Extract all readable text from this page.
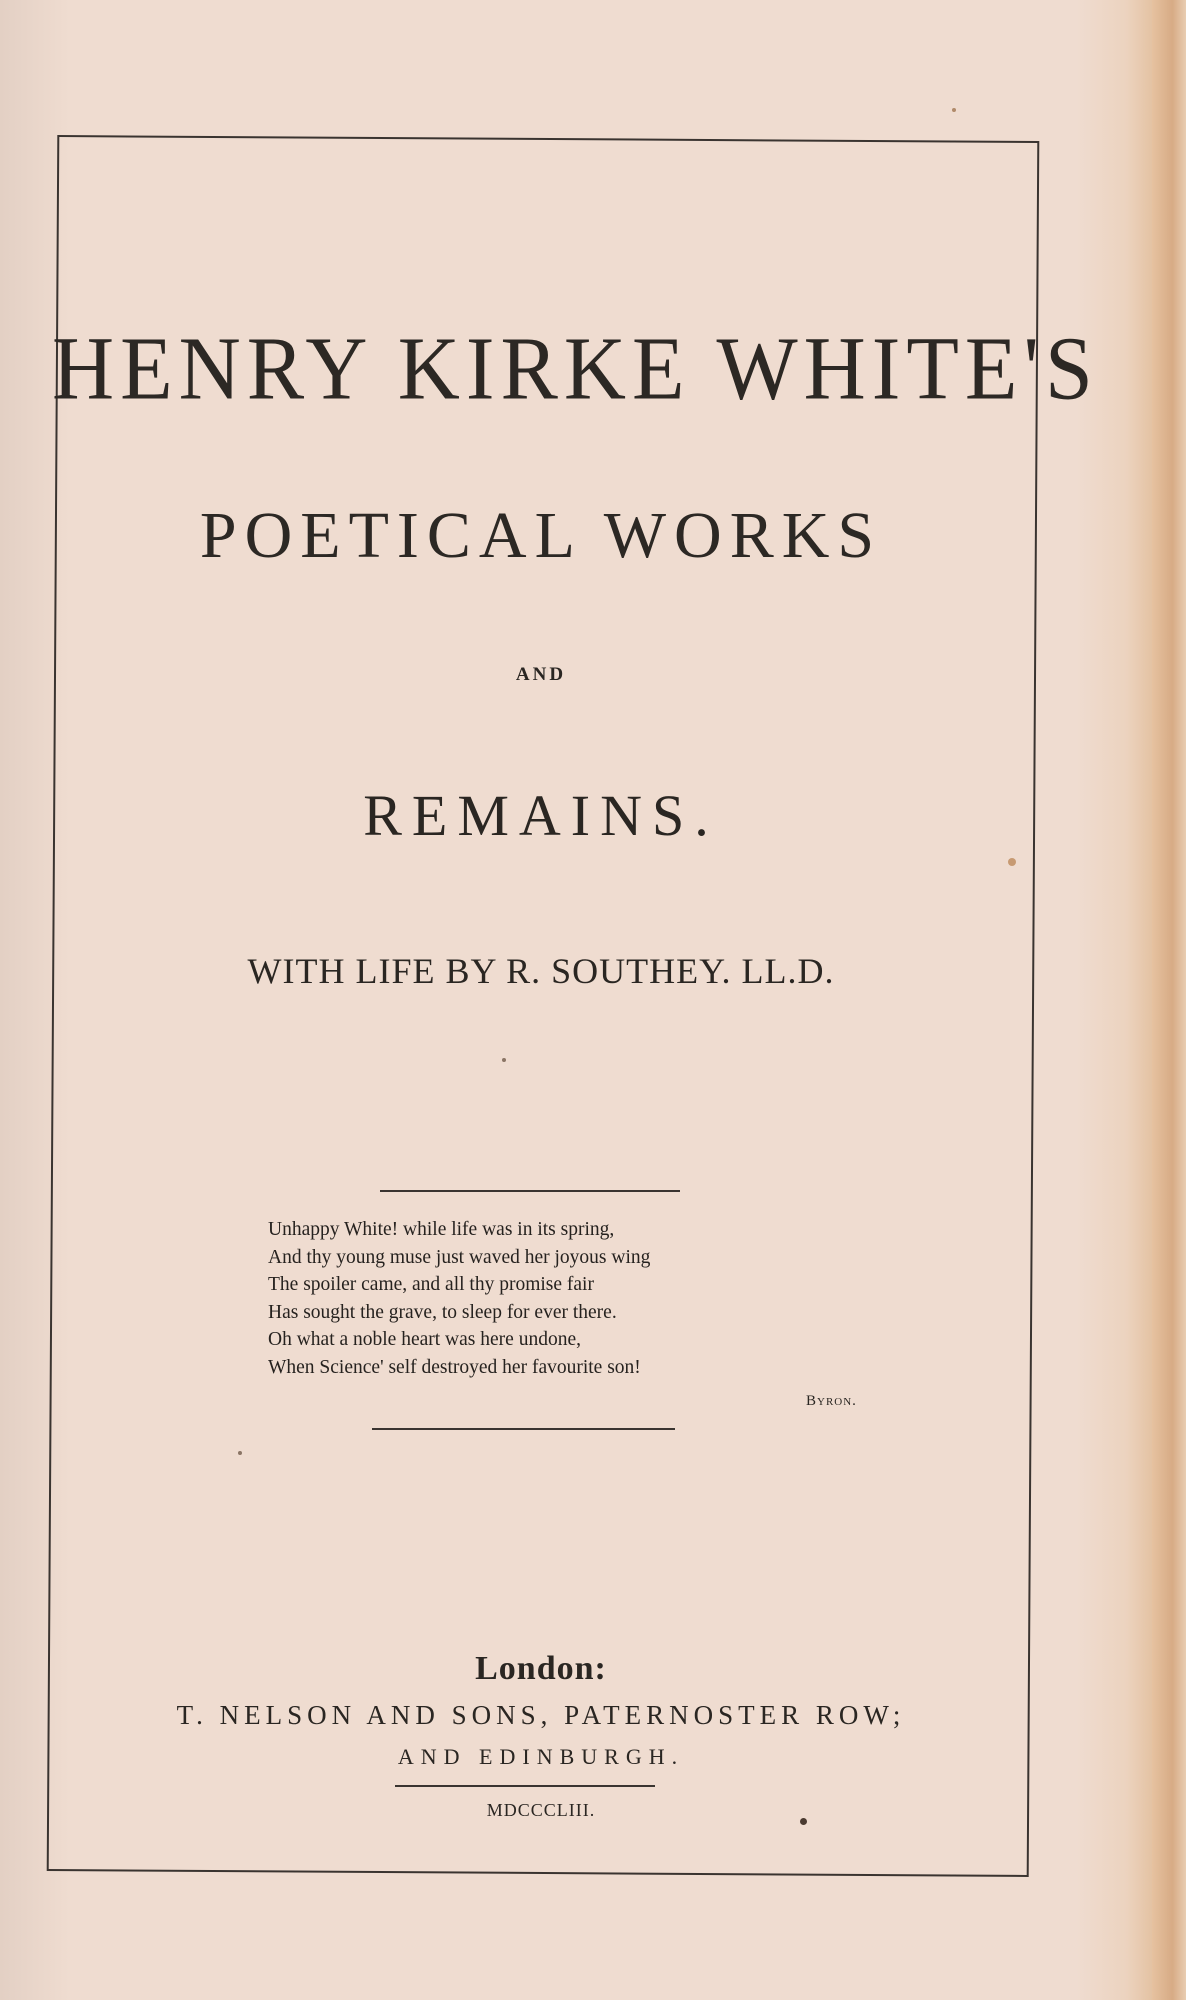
HENRY KIRKE WHITE'S
POETICAL WORKS
AND
REMAINS.
WITH LIFE BY R. SOUTHEY. LL.D.
Unhappy White! while life was in its spring,
And thy young muse just waved her joyous wing
The spoiler came, and all thy promise fair
Has sought the grave, to sleep for ever there.
Oh what a noble heart was here undone,
When Science' self destroyed her favourite son!
Byron.
London:
T. NELSON AND SONS, PATERNOSTER ROW;
AND EDINBURGH.
MDCCCLIII.
